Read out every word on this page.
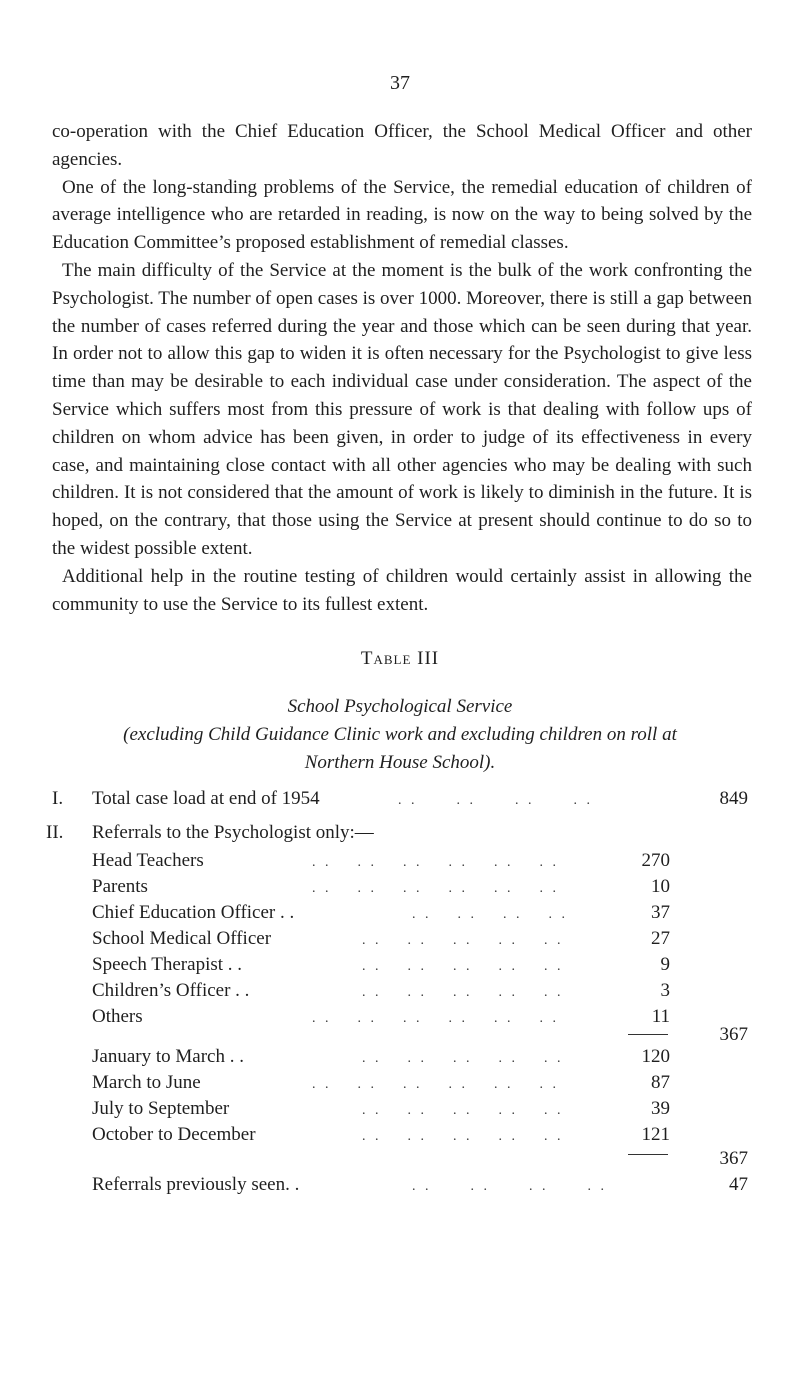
37

co-operation with the Chief Education Officer, the School Medical Officer and other agencies.

One of the long-standing problems of the Service, the remedial education of children of average intelligence who are retarded in reading, is now on the way to being solved by the Education Committee’s proposed establishment of remedial classes.

The main difficulty of the Service at the moment is the bulk of the work confronting the Psychologist. The number of open cases is over 1000. Moreover, there is still a gap between the number of cases referred during the year and those which can be seen during that year. In order not to allow this gap to widen it is often necessary for the Psychologist to give less time than may be desirable to each individual case under consideration. The aspect of the Service which suffers most from this pressure of work is that dealing with follow ups of children on whom advice has been given, in order to judge of its effectiveness in every case, and maintaining close contact with all other agencies who may be dealing with such children. It is not considered that the amount of work is likely to diminish in the future. It is hoped, on the contrary, that those using the Service at present should continue to do so to the widest possible extent.

Additional help in the routine testing of children would certainly assist in allowing the community to use the Service to its fullest extent.

Table III
School Psychological Service
(excluding Child Guidance Clinic work and excluding children on roll at
Northern House School).
I. Total case load at end of 1954	. .      . .      . .      . .	849
II. Referrals to the Psychologist only:—
Head Teachers	. .    . .    . .    . .    . .    . .	270
Parents	. .    . .    . .    . .    . .    . .	10
Chief Education Officer . .	. .    . .    . .    . .	37
School Medical Officer	. .    . .    . .    . .    . .	27
Speech Therapist . .	. .    . .    . .    . .    . .	9
Children’s Officer . .	. .    . .    . .    . .    . .	3
Others	. .    . .    . .    . .    . .    . .	11
367
January to March . .	. .    . .    . .    . .    . .	120
March to June	. .    . .    . .    . .    . .    . .	87
July to September	. .    . .    . .    . .    . .	39
October to December	. .    . .    . .    . .    . .	121
367
Referrals previously seen. .	. .      . .      . .      . .	47
